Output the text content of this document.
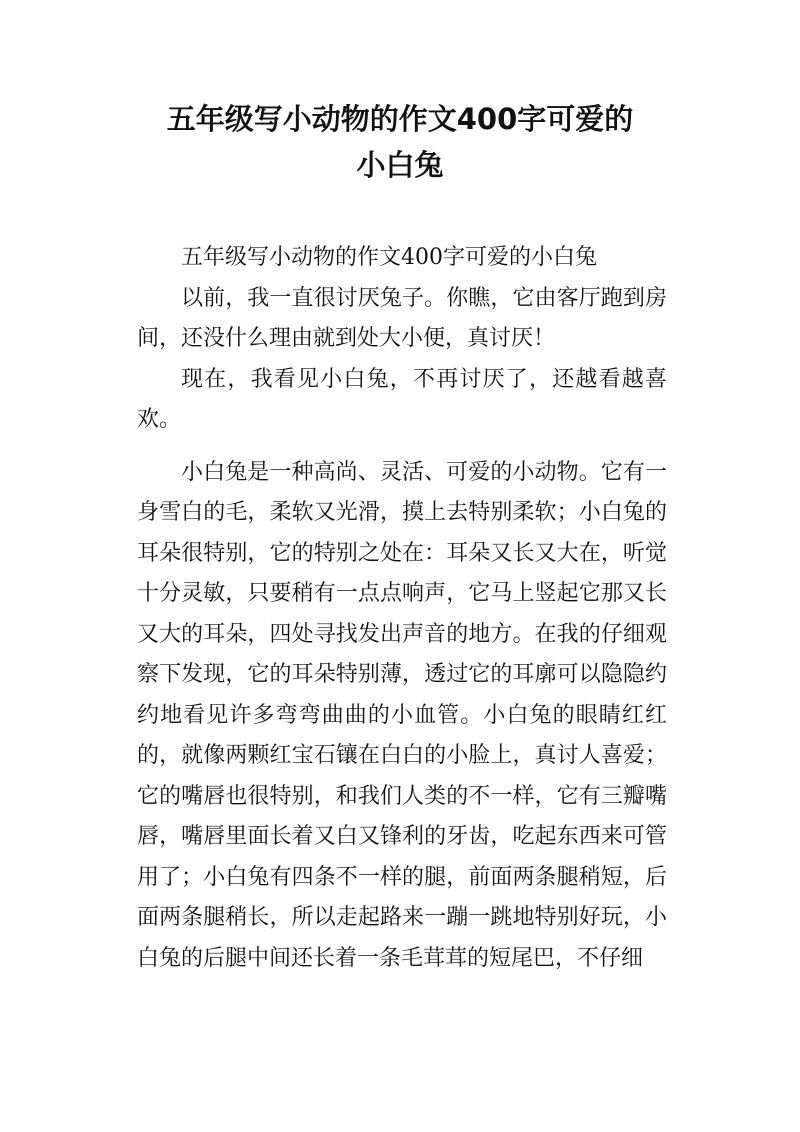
五年级写小动物的作文400字可爱的
小白兔

五年级写小动物的作文400字可爱的小白兔

以前，我一直很讨厌兔子。你瞧，它由客厅跑到房间，还没什么理由就到处大小便，真讨厌！

现在，我看见小白兔，不再讨厌了，还越看越喜欢。

小白兔是一种高尚、灵活、可爱的小动物。它有一身雪白的毛，柔软又光滑，摸上去特别柔软；小白兔的耳朵很特别，它的特别之处在：耳朵又长又大在，听觉十分灵敏，只要稍有一点点响声，它马上竖起它那又长又大的耳朵，四处寻找发出声音的地方。在我的仔细观察下发现，它的耳朵特别薄，透过它的耳廓可以隐隐约约地看见许多弯弯曲曲的小血管。小白兔的眼睛红红的，就像两颗红宝石镶在白白的小脸上，真讨人喜爱；它的嘴唇也很特别，和我们人类的不一样，它有三瓣嘴唇，嘴唇里面长着又白又锋利的牙齿，吃起东西来可管用了；小白兔有四条不一样的腿，前面两条腿稍短，后面两条腿稍长，所以走起路来一蹦一跳地特别好玩，小白兔的后腿中间还长着一条毛茸茸的短尾巴，不仔细
